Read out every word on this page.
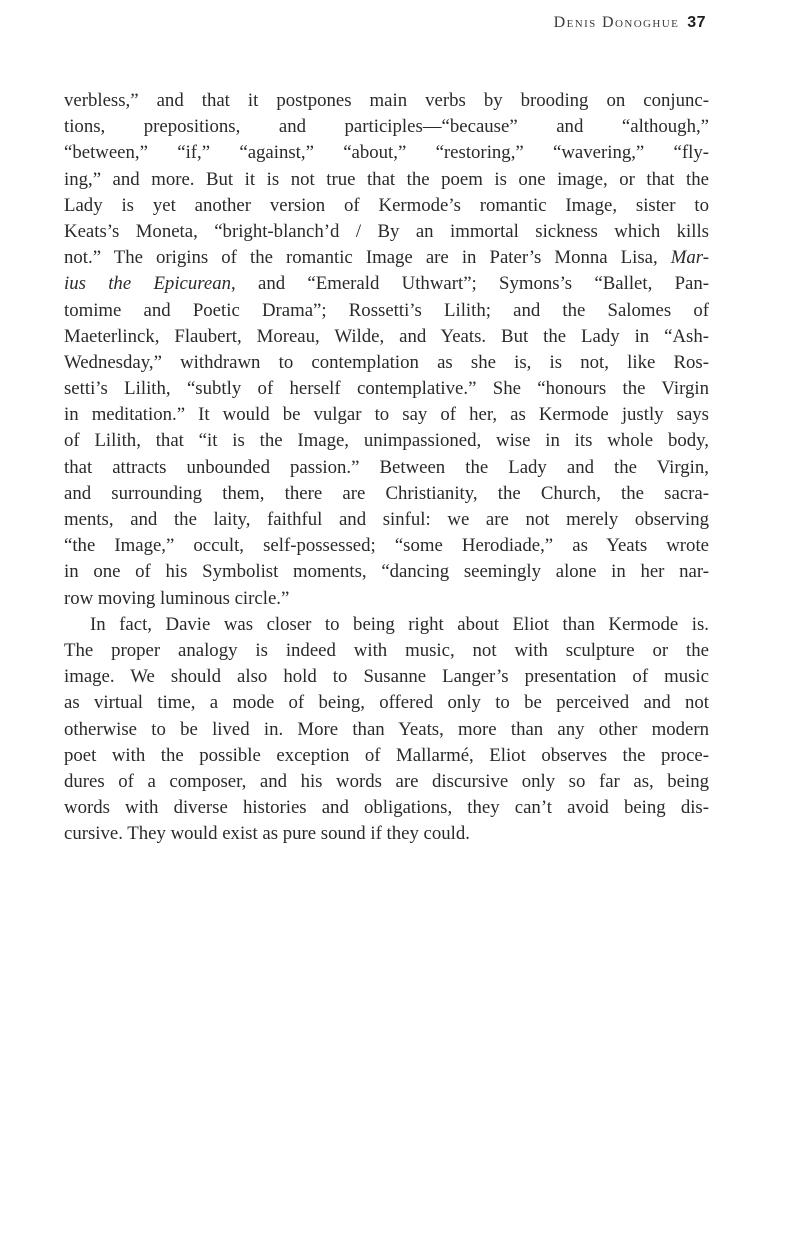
Denis Donoghue 37
verbless,” and that it postpones main verbs by brooding on conjunc-
tions, prepositions, and participles—“because” and “although,”
“between,” “if,” “against,” “about,” “restoring,” “wavering,” “fly-
ing,” and more. But it is not true that the poem is one image, or that the
Lady is yet another version of Kermode’s romantic Image, sister to
Keats’s Moneta, “bright-blanch’d / By an immortal sickness which kills
not.” The origins of the romantic Image are in Pater’s Monna Lisa, Mar-
ius the Epicurean, and “Emerald Uthwart”; Symons’s “Ballet, Pan-
tomime and Poetic Drama”; Rossetti’s Lilith; and the Salomes of
Maeterlinck, Flaubert, Moreau, Wilde, and Yeats. But the Lady in “Ash-
Wednesday,” withdrawn to contemplation as she is, is not, like Ros-
setti’s Lilith, “subtly of herself contemplative.” She “honours the Virgin
in meditation.” It would be vulgar to say of her, as Kermode justly says
of Lilith, that “it is the Image, unimpassioned, wise in its whole body,
that attracts unbounded passion.” Between the Lady and the Virgin,
and surrounding them, there are Christianity, the Church, the sacra-
ments, and the laity, faithful and sinful: we are not merely observing
“the Image,” occult, self-possessed; “some Herodiade,” as Yeats wrote
in one of his Symbolist moments, “dancing seemingly alone in her nar-
row moving luminous circle.”
In fact, Davie was closer to being right about Eliot than Kermode is.
The proper analogy is indeed with music, not with sculpture or the
image. We should also hold to Susanne Langer’s presentation of music
as virtual time, a mode of being, offered only to be perceived and not
otherwise to be lived in. More than Yeats, more than any other modern
poet with the possible exception of Mallarmé, Eliot observes the proce-
dures of a composer, and his words are discursive only so far as, being
words with diverse histories and obligations, they can’t avoid being dis-
cursive. They would exist as pure sound if they could.
